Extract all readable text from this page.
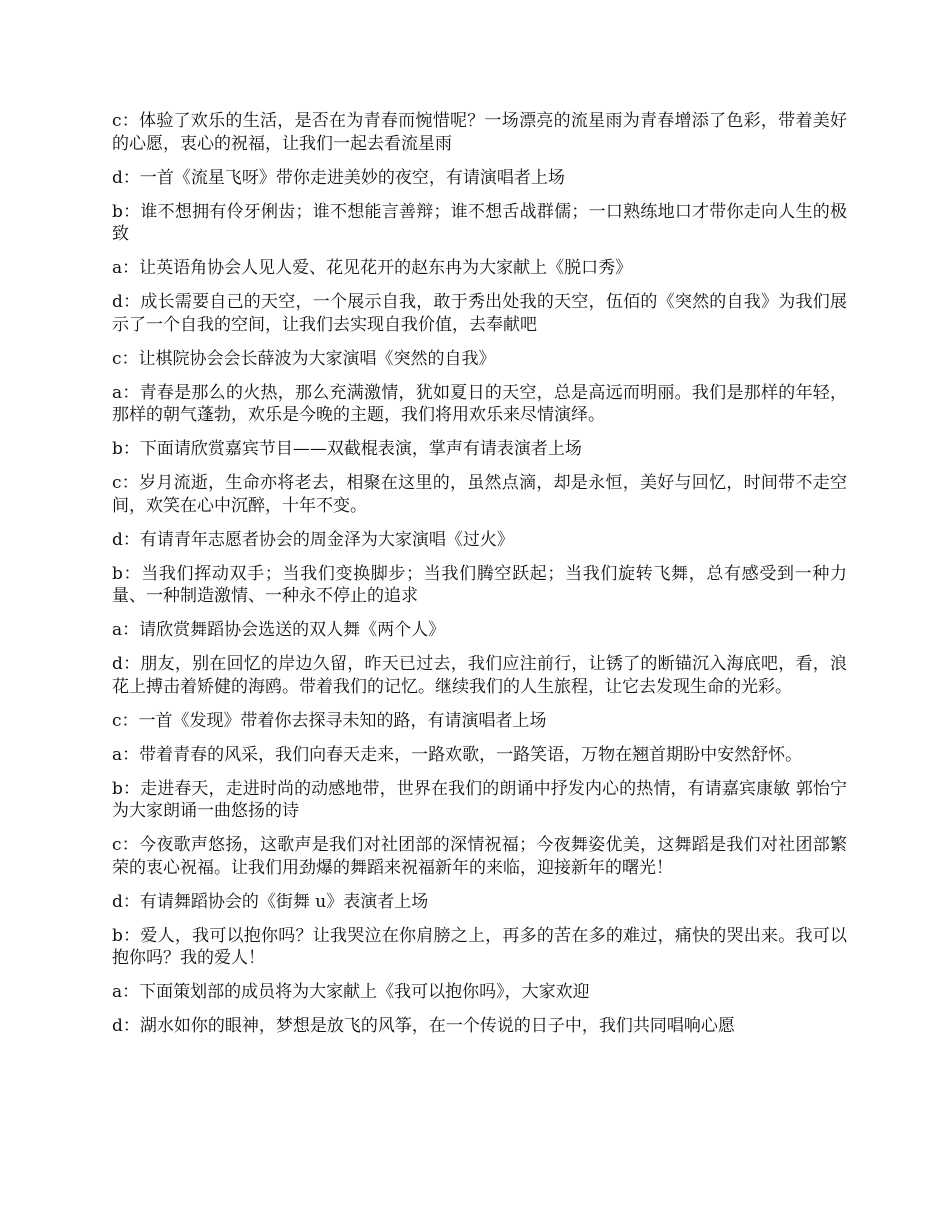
c：体验了欢乐的生活，是否在为青春而惋惜呢？一场漂亮的流星雨为青春增添了色彩，带着美好的心愿，衷心的祝福，让我们一起去看流星雨

d：一首《流星飞呀》带你走进美妙的夜空，有请演唱者上场

b：谁不想拥有伶牙俐齿；谁不想能言善辩；谁不想舌战群儒；一口熟练地口才带你走向人生的极致

a：让英语角协会人见人爱、花见花开的赵东冉为大家献上《脱口秀》

d：成长需要自己的天空，一个展示自我，敢于秀出处我的天空，伍佰的《突然的自我》为我们展示了一个自我的空间，让我们去实现自我价值，去奉献吧

c：让棋院协会会长薛波为大家演唱《突然的自我》

a：青春是那么的火热，那么充满激情，犹如夏日的天空，总是高远而明丽。我们是那样的年轻，那样的朝气蓬勃，欢乐是今晚的主题，我们将用欢乐来尽情演绎。

b：下面请欣赏嘉宾节目——双截棍表演，掌声有请表演者上场

c：岁月流逝，生命亦将老去，相聚在这里的，虽然点滴，却是永恒，美好与回忆，时间带不走空间，欢笑在心中沉醉，十年不变。

d：有请青年志愿者协会的周金泽为大家演唱《过火》

b：当我们挥动双手；当我们变换脚步；当我们腾空跃起；当我们旋转飞舞，总有感受到一种力量、一种制造激情、一种永不停止的追求

a：请欣赏舞蹈协会选送的双人舞《两个人》

d：朋友，别在回忆的岸边久留，昨天已过去，我们应注前行，让锈了的断锚沉入海底吧，看，浪花上搏击着矫健的海鸥。带着我们的记忆。继续我们的人生旅程，让它去发现生命的光彩。

c：一首《发现》带着你去探寻未知的路，有请演唱者上场

a：带着青春的风采，我们向春天走来，一路欢歌，一路笑语，万物在翘首期盼中安然舒怀。

b：走进春天，走进时尚的动感地带，世界在我们的朗诵中抒发内心的热情，有请嘉宾康敏 郭怡宁为大家朗诵一曲悠扬的诗

c：今夜歌声悠扬，这歌声是我们对社团部的深情祝福；今夜舞姿优美，这舞蹈是我们对社团部繁荣的衷心祝福。让我们用劲爆的舞蹈来祝福新年的来临，迎接新年的曙光！

d：有请舞蹈协会的《街舞 u》表演者上场

b：爱人，我可以抱你吗？让我哭泣在你肩膀之上，再多的苦在多的难过，痛快的哭出来。我可以抱你吗？我的爱人！

a：下面策划部的成员将为大家献上《我可以抱你吗》，大家欢迎

d：湖水如你的眼神，梦想是放飞的风筝，在一个传说的日子中，我们共同唱响心愿
